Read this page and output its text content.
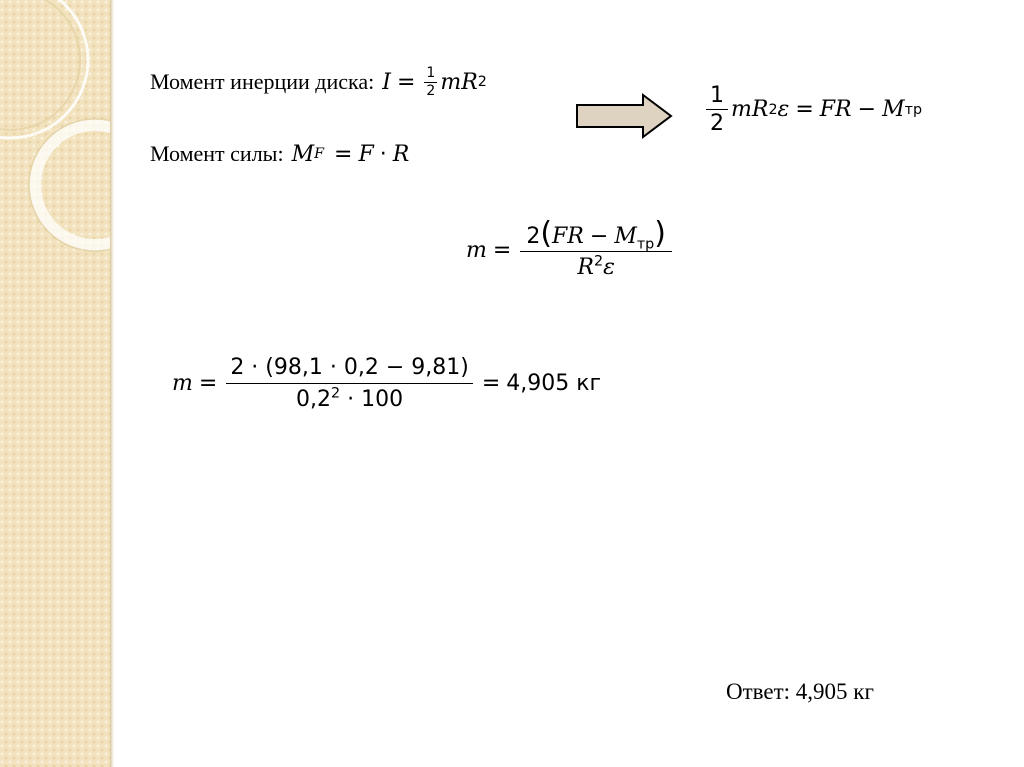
Момент инерции диска: $I = \frac{1}{2}$ mR 2
Момент силы: M F = F · R
$\frac{1}{2}$ mR 2 ε = FR − M тр
$m = \frac{2(FR - M_{тр})}{R^2\varepsilon}$
$m = \frac{2 \cdot (98,1 \cdot 0,2 - 9,81)}{0,2^2 \cdot 100} = 4,905$ кг
Ответ: 4,905 кг
